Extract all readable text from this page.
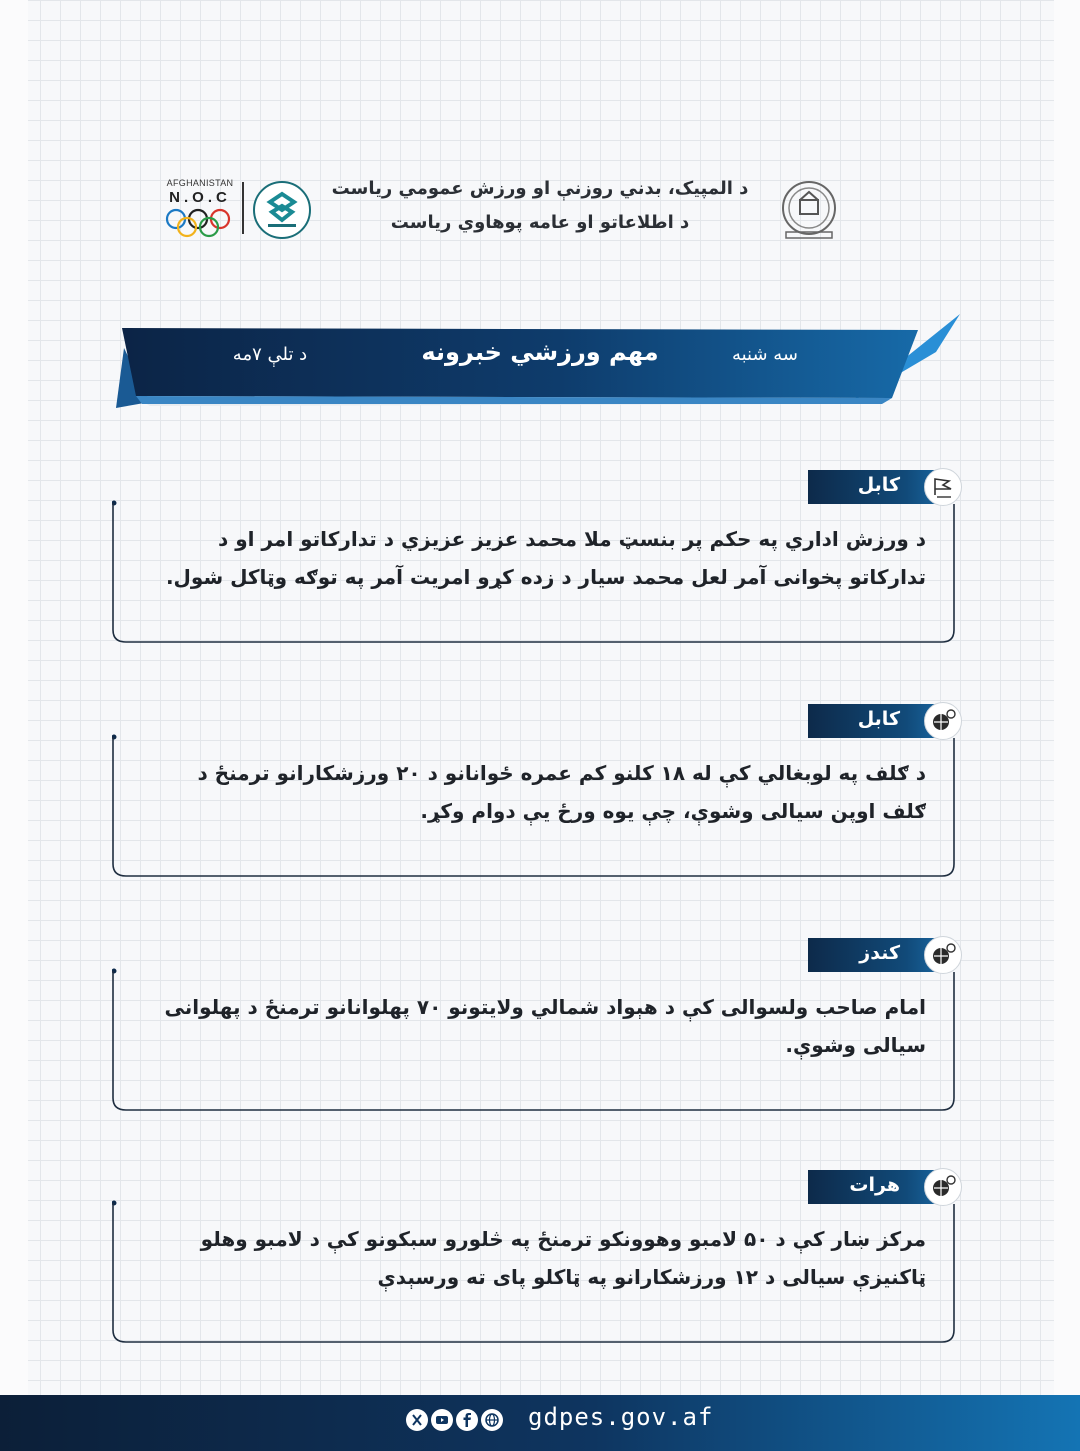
AFGHANISTAN
N.O.C	د المپیک، بدني روزنې او ورزش عمومي ریاست
د اطلاعاتو او عامه پوهاوي ریاست
د تلې ۷مه	مهم ورزشي خبرونه	سه شنبه
کابل
د ورزش اداري په حکم پر بنسټ ملا محمد عزیز عزیزي د تدارکاتو امر او د تدارکاتو پخوانی آمر لعل محمد سیار د زده کړو امریت آمر په توګه وټاکل شول.
کابل
د ګلف په لوبغالي کې له ۱۸ کلنو کم عمره ځوانانو د ۲۰ ورزشکارانو ترمنځ د ګلف اوپن سیالی وشوې، چې یوه ورځ یې دوام وکړ.
کندز
امام صاحب ولسوالی کې د هېواد شمالي ولایتونو ۷۰ پهلوانانو ترمنځ د پهلوانی سیالی وشوې.
هرات
مرکز ښار کې د ۵۰ لامبو وهوونکو ترمنځ په څلورو سبکونو کې د لامبو وهلو ټاکنیزې سیالی د ۱۲ ورزشکارانو په ټاکلو پای ته ورسېدې
gdpes.gov.af
